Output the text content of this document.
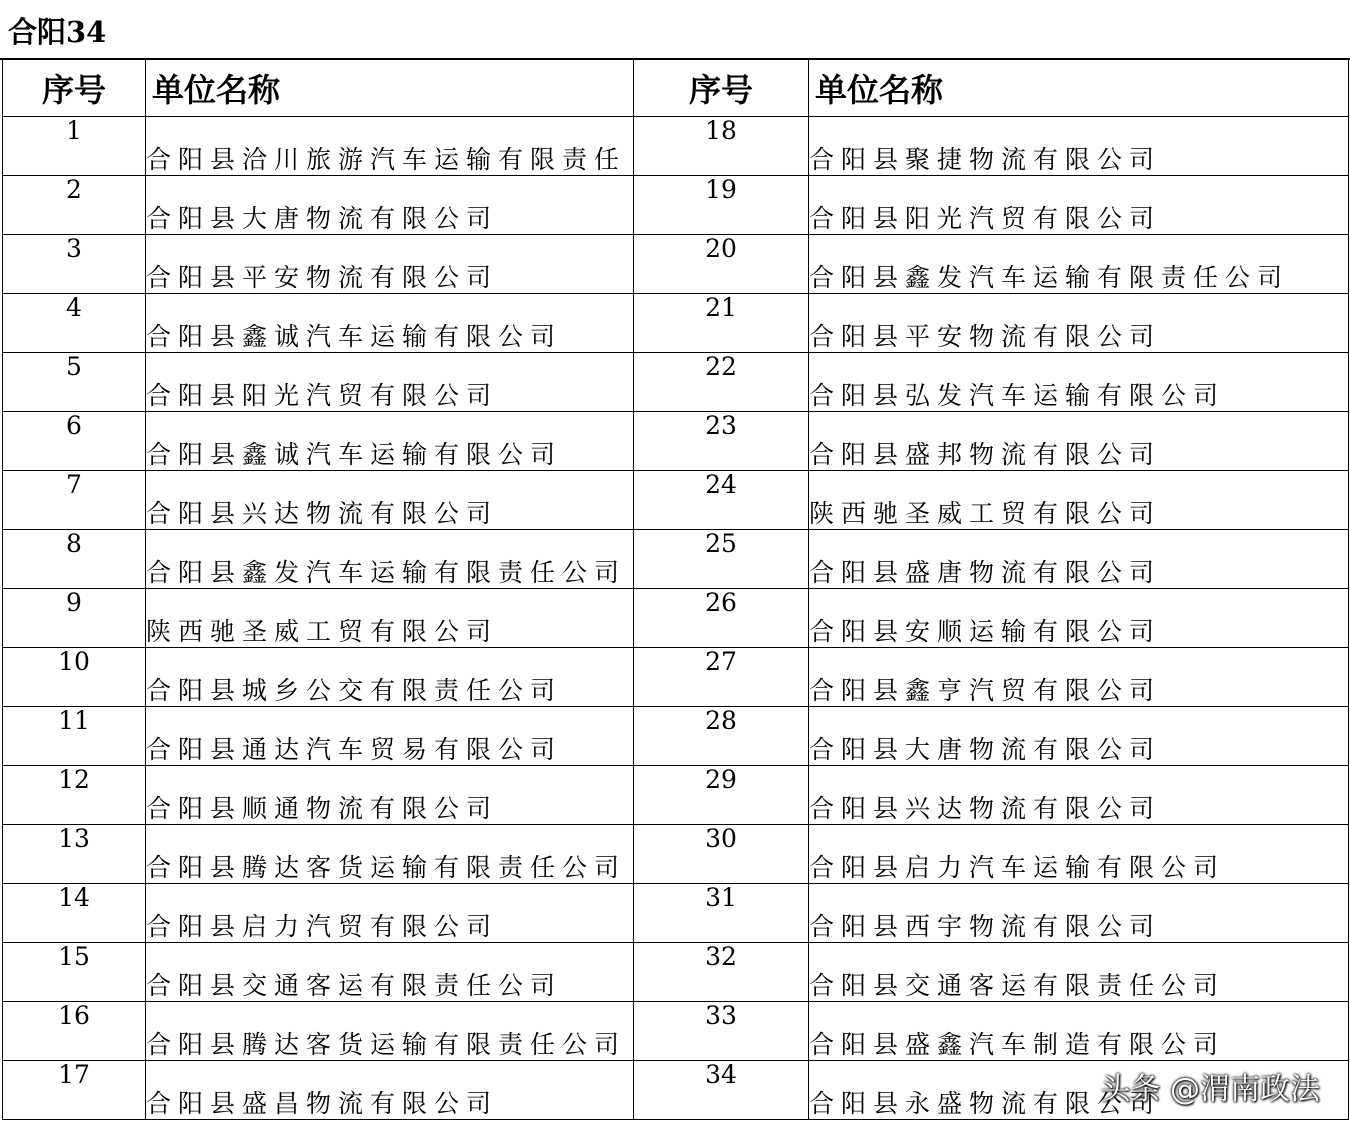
合阳34
序号	单位名称	序号	单位名称
1	合阳县洽川旅游汽车运输有限责任	18	合阳县聚捷物流有限公司
2	合阳县大唐物流有限公司	19	合阳县阳光汽贸有限公司
3	合阳县平安物流有限公司	20	合阳县鑫发汽车运输有限责任公司
4	合阳县鑫诚汽车运输有限公司	21	合阳县平安物流有限公司
5	合阳县阳光汽贸有限公司	22	合阳县弘发汽车运输有限公司
6	合阳县鑫诚汽车运输有限公司	23	合阳县盛邦物流有限公司
7	合阳县兴达物流有限公司	24	陕西驰圣威工贸有限公司
8	合阳县鑫发汽车运输有限责任公司	25	合阳县盛唐物流有限公司
9	陕西驰圣威工贸有限公司	26	合阳县安顺运输有限公司
10	合阳县城乡公交有限责任公司	27	合阳县鑫亨汽贸有限公司
11	合阳县通达汽车贸易有限公司	28	合阳县大唐物流有限公司
12	合阳县顺通物流有限公司	29	合阳县兴达物流有限公司
13	合阳县腾达客货运输有限责任公司	30	合阳县启力汽车运输有限公司
14	合阳县启力汽贸有限公司	31	合阳县西宇物流有限公司
15	合阳县交通客运有限责任公司	32	合阳县交通客运有限责任公司
16	合阳县腾达客货运输有限责任公司	33	合阳县盛鑫汽车制造有限公司
17	合阳县盛昌物流有限公司	34	合阳县永盛物流有限公司
头条 @渭南政法
